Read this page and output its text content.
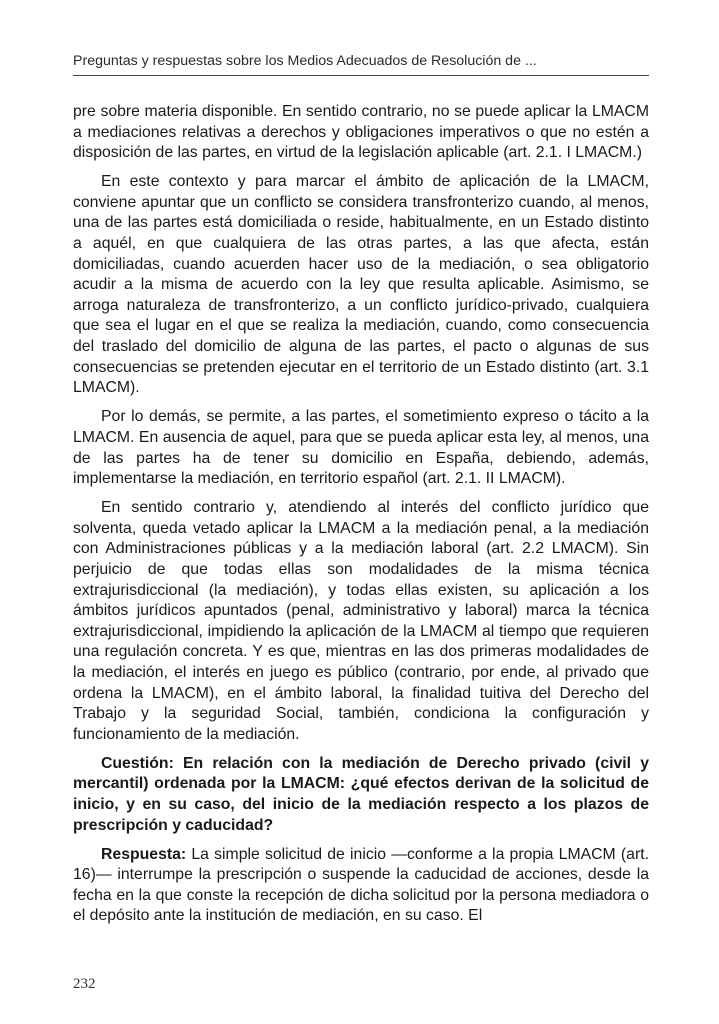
Preguntas y respuestas sobre los Medios Adecuados de Resolución de ...

pre sobre materia disponible. En sentido contrario, no se puede aplicar la LMACM a mediaciones relativas a derechos y obligaciones imperativos o que no estén a disposición de las partes, en virtud de la legislación aplicable (art. 2.1. I LMACM.)

En este contexto y para marcar el ámbito de aplicación de la LMACM, conviene apuntar que un conflicto se considera transfronterizo cuando, al menos, una de las partes está domiciliada o reside, habitualmente, en un Estado distinto a aquél, en que cualquiera de las otras partes, a las que afecta, están domiciliadas, cuando acuerden hacer uso de la mediación, o sea obligatorio acudir a la misma de acuerdo con la ley que resulta aplicable. Asimismo, se arroga naturaleza de transfronterizo, a un conflicto jurídico-privado, cualquiera que sea el lugar en el que se realiza la mediación, cuando, como consecuencia del traslado del domicilio de alguna de las partes, el pacto o algunas de sus consecuencias se pretenden ejecutar en el territorio de un Estado distinto (art. 3.1 LMACM).

Por lo demás, se permite, a las partes, el sometimiento expreso o tácito a la LMACM. En ausencia de aquel, para que se pueda aplicar esta ley, al menos, una de las partes ha de tener su domicilio en España, debiendo, además, implementarse la mediación, en territorio español (art. 2.1. II LMACM).

En sentido contrario y, atendiendo al interés del conflicto jurídico que solventa, queda vetado aplicar la LMACM a la mediación penal, a la mediación con Administraciones públicas y a la mediación laboral (art. 2.2 LMACM). Sin perjuicio de que todas ellas son modalidades de la misma técnica extrajurisdiccional (la mediación), y todas ellas existen, su aplicación a los ámbitos jurídicos apuntados (penal, administrativo y laboral) marca la técnica extrajurisdiccional, impidiendo la aplicación de la LMACM al tiempo que requieren una regulación concreta. Y es que, mientras en las dos primeras modalidades de la mediación, el interés en juego es público (contrario, por ende, al privado que ordena la LMACM), en el ámbito laboral, la finalidad tuitiva del Derecho del Trabajo y la seguridad Social, también, condiciona la configuración y funcionamiento de la mediación.

Cuestión: En relación con la mediación de Derecho privado (civil y mercantil) ordenada por la LMACM: ¿qué efectos derivan de la solicitud de inicio, y en su caso, del inicio de la mediación respecto a los plazos de prescripción y caducidad?

Respuesta: La simple solicitud de inicio —conforme a la propia LMACM (art. 16)— interrumpe la prescripción o suspende la caducidad de acciones, desde la fecha en la que conste la recepción de dicha solicitud por la persona mediadora o el depósito ante la institución de mediación, en su caso. El

232
